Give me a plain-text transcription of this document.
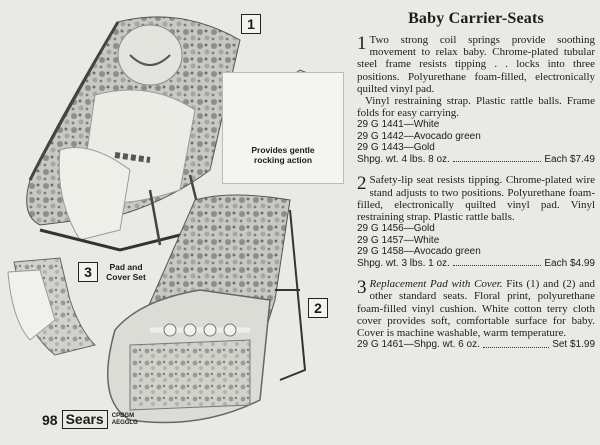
Provides gentle
rocking action
1
2
3	Pad and
Cover Set
98 Sears	CPBGM
AEGGLG
Baby Carrier-Seats
1 Two strong coil springs provide soothing movement to relax baby. Chrome-plated tubular steel frame resists tipping . . locks into three positions. Polyurethane foam-filled, electronically quilted vinyl pad.

Vinyl restraining strap. Plastic rattle balls. Frame folds for easy carrying.

29 G 1441—White
29 G 1442—Avocado green
29 G 1443—Gold
Shpg. wt. 4 lbs. 8 oz.	Each $7.49
2 Safety-lip seat resists tipping. Chrome-plated wire stand adjusts to two positions. Polyurethane foam-filled, electronically quilted vinyl pad. Vinyl restraining strap. Plastic rattle balls.

29 G 1456—Gold
29 G 1457—White
29 G 1458—Avocado green
Shpg. wt. 3 lbs. 1 oz.	Each $4.99
3 Replacement Pad with Cover. Fits (1) and (2) and other standard seats. Floral print, polyurethane foam-filled vinyl cushion. White cotton terry cloth cover provides soft, comfortable surface for baby. Cover is machine washable, warm temperature.

29 G 1461—Shpg. wt. 6 oz.	Set $1.99
